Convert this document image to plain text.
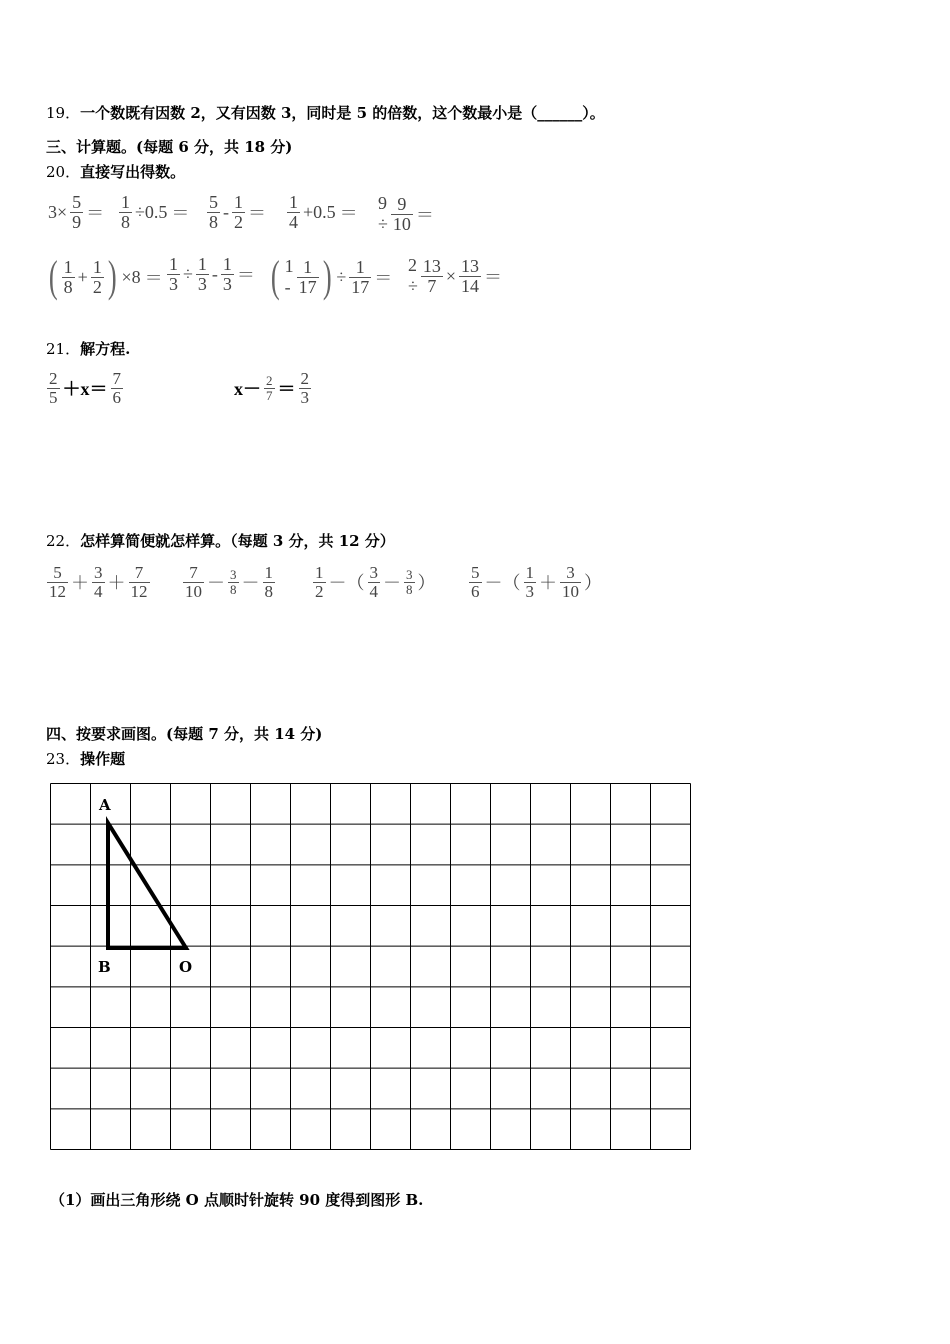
19．一个数既有因数 2，又有因数 3，同时是 5 的倍数，这个数最小是（______）。
三、计算题。(每题 6 分，共 18 分)
20．直接写出得数。
$3\times \frac{5}{9} = \frac{1}{8} \div 0.5 = \frac{5}{8} - \frac{1}{2} = \frac{1}{4} +0.5$ ＝
$9 \div \frac{9}{10}$ ＝
( $\frac{1}{8} + \frac{1}{2}$ ) $\times 8 = \frac{1}{3} \div \frac{1}{3} - \frac{1}{3}$ ＝ ( $1 - \frac{1}{17}$ ) ÷ $\frac{1}{17}$ ＝
$2 \div \frac{13}{7} \times \frac{13}{14}$ ＝
21．解方程.
$\frac{2}{5} +x= \frac{7}{6}$	$x- \frac{2}{7} = \frac{2}{3}$
22．怎样算简便就怎样算。（每题 3 分，共 12 分）
$\frac{5}{12} + \frac{3}{4} + \frac{7}{12} \frac{7}{10} - \frac{3}{8} - \frac{1}{8} \frac{1}{2}$ －（ $\frac{3}{4} - \frac{3}{8}$ ） $\frac{5}{6}$ －（ $\frac{1}{3} + \frac{3}{10}$ ）
四、按要求画图。(每题 7 分，共 14 分)
23．操作题
A
B	O
（1）画出三角形绕 O 点顺时针旋转 90 度得到图形 B.
